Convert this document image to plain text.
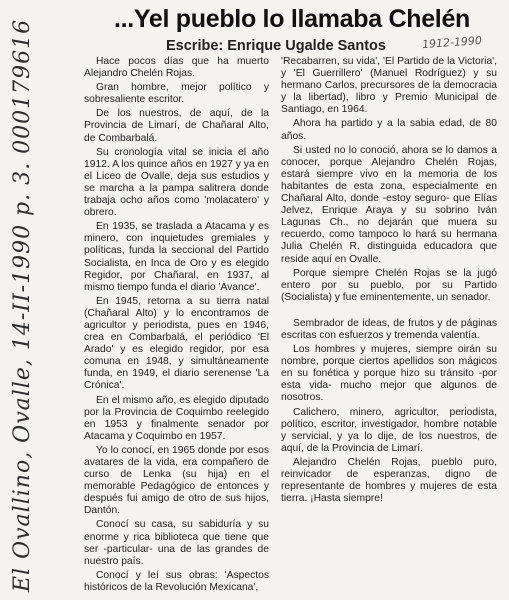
El Ovallino, Ovalle, 14-II-1990 p. 3. 000179616	...Yel pueblo lo llamaba Chelén
Escribe: Enrique Ugalde Santos	1912-1990

Hace pocos días que ha muerto Alejandro Chelén Rojas.

Gran hombre, mejor político y sobresaliente escritor.

De los nuestros, de aquí, de la Provincia de Limarí, de Chañaral Alto, de Combarbalá.

Su cronología vital se inicia el año 1912. A los quince años en 1927 y ya en el Liceo de Ovalle, deja sus estudios y se marcha a la pampa salitrera donde trabaja ocho años como 'molacatero' y obrero.

En 1935, se traslada a Atacama y es minero, con inquietudes gremiales y políticas, funda la seccional del Partido Socialista, en Inca de Oro y es elegido Regidor, por Chañaral, en 1937, al mismo tiempo funda el diario 'Avance'.

En 1945, retorna a su tierra natal (Chañaral Alto) y lo encontramos de agricultor y periodista, pues en 1946, crea en Combarbalá, el periódico 'El Arado' y es elegido regidor, por esa comuna en 1948, y simultáneamente funda, en 1949, el diario serenense 'La Crónica'.

En el mismo año, es elegido diputado por la Provincia de Coquimbo reelegido en 1953 y finalmente senador por Atacama y Coquimbo en 1957.

Yo lo conocí, en 1965 donde por esos avatares de la vida, era compañero de curso de Lenka (su hija) en el memorable Pedagógico de entonces y después fui amigo de otro de sus hijos, Dantón.

Conocí su casa, su sabiduría y su enorme y rica biblioteca que tiene que ser -particular- una de las grandes de nuestro país.

Conocí y leí sus obras: 'Aspectos históricos de la Revolución Mexicana',

'Recabarren, su vida', 'El Partido de la Victoria', y 'El Guerrillero' (Manuel Rodríguez) y su hermano Carlos, precursores de la democracia y la libertad), libro y Premio Municipal de Santiago, en 1964.

Ahora ha partido y a la sabia edad, de 80 años.

Si usted no lo conoció, ahora se lo damos a conocer, porque Alejandro Chelén Rojas, estará siempre vivo en la memoria de los habitantes de esta zona, especialmente en Chañaral Alto, donde -estoy seguro- que Elías Jelvez, Enrique Araya y su sobrino Iván Lagunas Ch., no dejarán que muera su recuerdo, como tampoco lo hará su hermana Julia Chelén R. distinguida educadora que reside aquí en Ovalle.

Porque siempre Chelén Rojas se la jugó entero por su pueblo, por su Partido (Socialista) y fue eminentemente, un senador.

Sembrador de ideas, de frutos y de páginas escritas con esfuerzos y tremenda valentía.

Los hombres y mujeres, siempre oirán su nombre, porque ciertos apellidos son mágicos en su fonética y porque hizo su tránsito -por esta vida- mucho mejor que algunos de nosotros.

Calichero, minero, agricultor, periodista, político, escritor, investigador, hombre notable y servicial, y ya lo dije, de los nuestros, de aquí, de la Provincia de Limarí.

Alejandro Chelén Rojas, pueblo puro, reinvicador de esperanzas, digno de representante de hombres y mujeres de esta tierra. ¡Hasta siempre!
